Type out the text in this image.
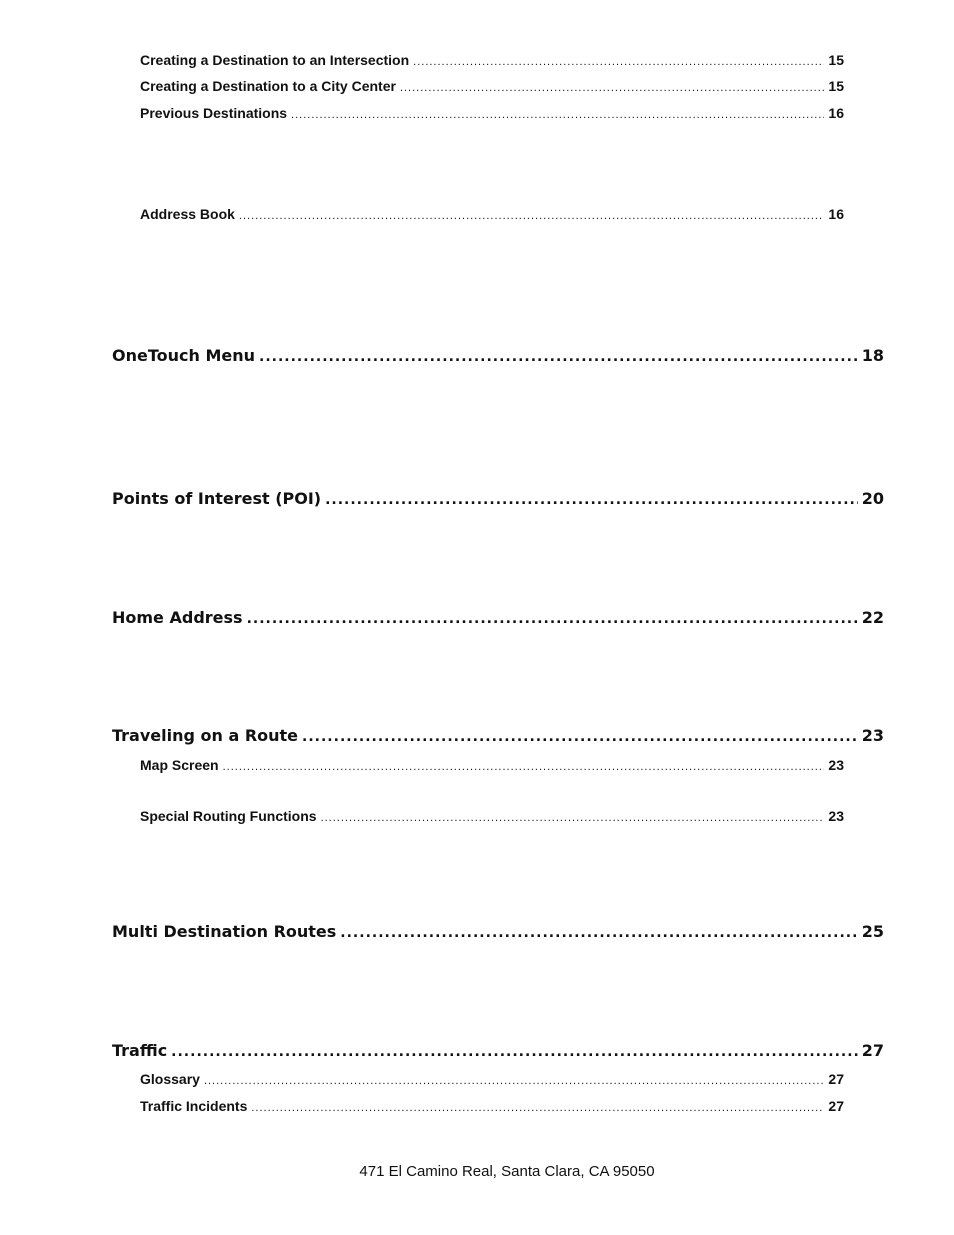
Creating a Destination to an Intersection .....	15
Creating a Destination to a City Center .....	15
Previous Destinations .....	16
Address Book .....	16
OneTouch Menu .....	18
Points of Interest (POI) .....	20
Home Address .....	22
Traveling on a Route .....	23
Map Screen .....	23
Special Routing Functions .....	23
Multi Destination Routes .....	25
Traffic .....	27
Glossary .....	27
Traffic Incidents .....	27
471 El Camino Real, Santa Clara, CA 95050
